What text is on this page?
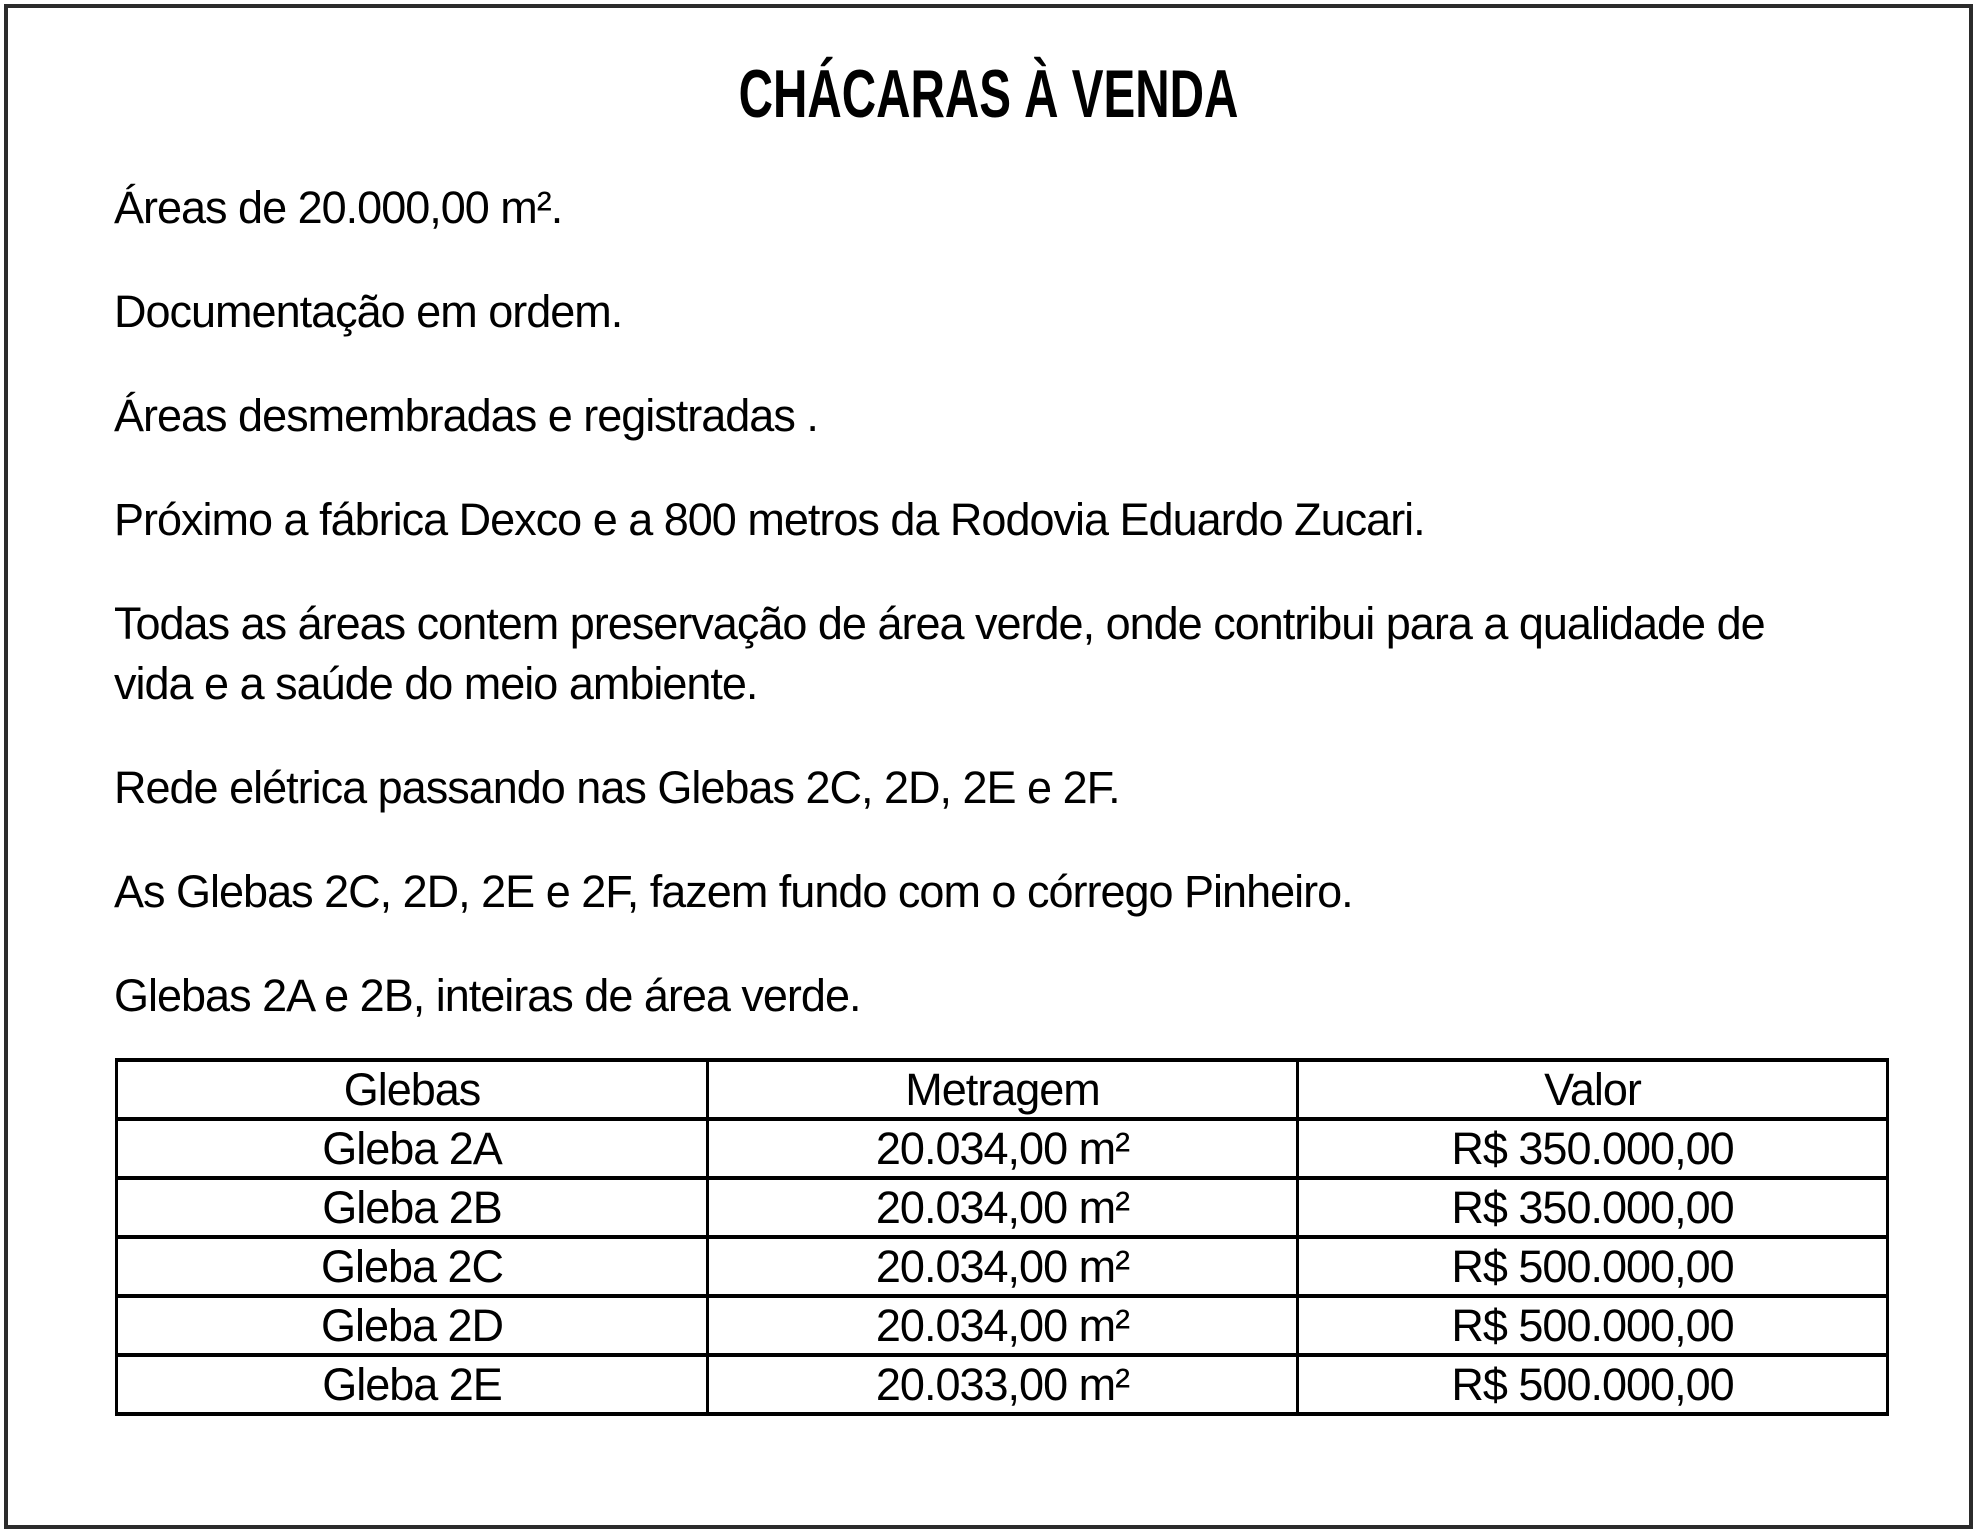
CHÁCARAS À VENDA

Áreas de 20.000,00 m².

Documentação em ordem.

Áreas desmembradas e registradas .

Próximo a fábrica Dexco e a 800 metros da Rodovia Eduardo Zucari.

Todas as áreas contem preservação de área verde, onde contribui para a qualidade de
vida e a saúde do meio ambiente.

Rede elétrica passando nas Glebas 2C, 2D, 2E e 2F.

As Glebas 2C, 2D, 2E e 2F, fazem fundo com o córrego Pinheiro.

Glebas 2A e 2B, inteiras de área verde.

Glebas	Metragem	Valor
Gleba 2A	20.034,00 m²	R$ 350.000,00
Gleba 2B	20.034,00 m²	R$ 350.000,00
Gleba 2C	20.034,00 m²	R$ 500.000,00
Gleba 2D	20.034,00 m²	R$ 500.000,00
Gleba 2E	20.033,00 m²	R$ 500.000,00
